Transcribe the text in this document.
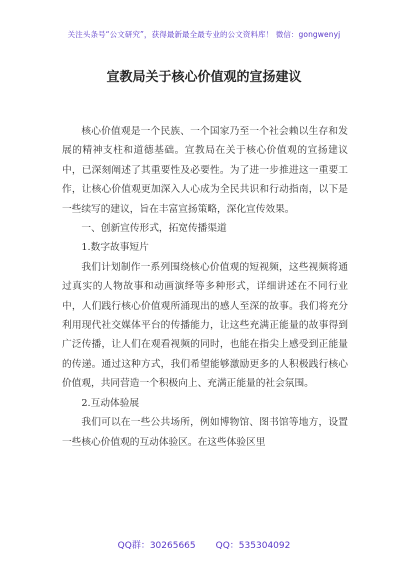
关注头条号“公文研究”，获得最新最全最专业的公文资料库！ 微信：gongwenyj
宣教局关于核心价值观的宣扬建议

核心价值观是一个民族、一个国家乃至一个社会赖以生存和发展的精神支柱和道德基础。宣教局在关于核心价值观的宣扬建议中，已深刻阐述了其重要性及必要性。为了进一步推进这一重要工作，让核心价值观更加深入人心成为全民共识和行动指南，以下是一些续写的建议，旨在丰富宣扬策略，深化宣传效果。

一、创新宣传形式，拓宽传播渠道

1.数字故事短片

我们计划制作一系列围绕核心价值观的短视频，这些视频将通过真实的人物故事和动画演绎等多种形式，详细讲述在不同行业中，人们践行核心价值观所涌现出的感人至深的故事。我们将充分利用现代社交媒体平台的传播能力，让这些充满正能量的故事得到广泛传播，让人们在观看视频的同时，也能在指尖上感受到正能量的传递。通过这种方式，我们希望能够激励更多的人积极践行核心价值观，共同营造一个积极向上、充满正能量的社会氛围。

2.互动体验展

我们可以在一些公共场所，例如博物馆、图书馆等地方，设置一些核心价值观的互动体验区。在这些体验区里

QQ群：30265665 QQ：535304092
